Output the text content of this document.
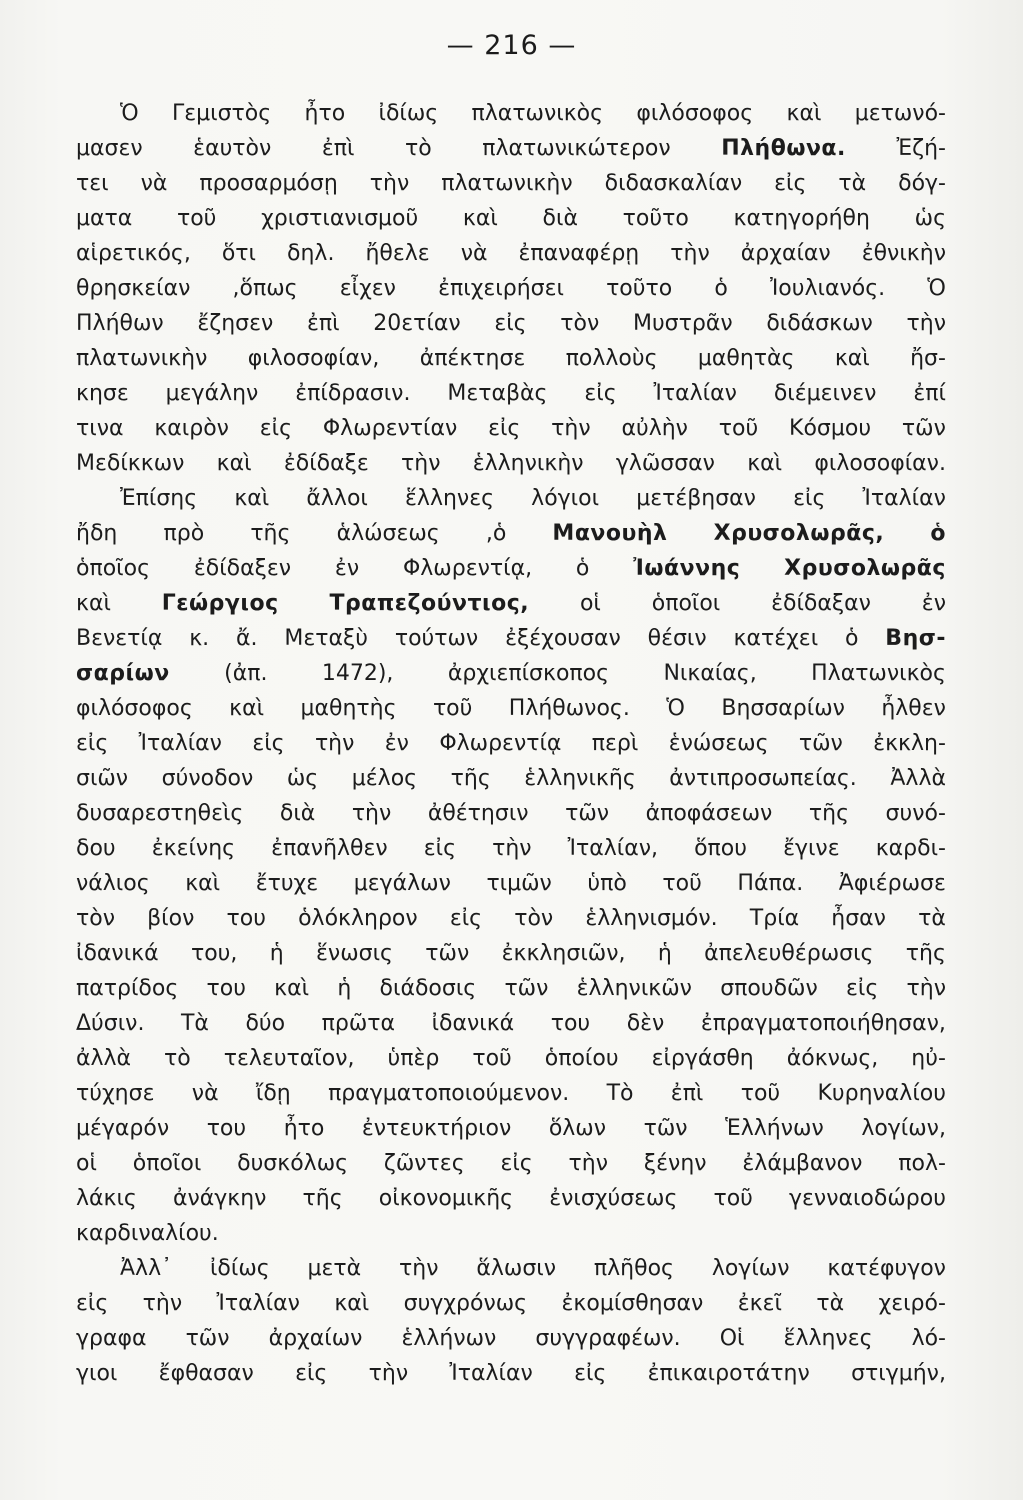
— 216 —
Ὁ Γεμιστὸς ἦτο ἰδίως πλατωνικὸς φιλόσοφος καὶ μετωνό-
μασεν ἑαυτὸν ἐπὶ τὸ πλατωνικώτερον Πλήθωνα. Ἐζή-
τει νὰ προσαρμόσῃ τὴν πλατωνικὴν διδασκαλίαν εἰς τὰ δόγ-
ματα τοῦ χριστιανισμοῦ καὶ διὰ τοῦτο κατηγορήθη ὡς
αἱρετικός, ὅτι δηλ. ἤθελε νὰ ἐπαναφέρῃ τὴν ἀρχαίαν ἐθνικὴν
θρησκείαν ,ὅπως εἶχεν ἐπιχειρήσει τοῦτο ὁ Ἰουλιανός. Ὁ
Πλήθων ἔζησεν ἐπὶ 20ετίαν εἰς τὸν Μυστρᾶν διδάσκων τὴν
πλατωνικὴν φιλοσοφίαν, ἀπέκτησε πολλοὺς μαθητὰς καὶ ἤσ-
κησε μεγάλην ἐπίδρασιν. Μεταβὰς εἰς Ἰταλίαν διέμεινεν ἐπί
τινα καιρὸν εἰς Φλωρεντίαν εἰς τὴν αὐλὴν τοῦ Κόσμου τῶν
Μεδίκκων καὶ ἐδίδαξε τὴν ἑλληνικὴν γλῶσσαν καὶ φιλοσοφίαν.
Ἐπίσης καὶ ἄλλοι ἕλληνες λόγιοι μετέβησαν εἰς Ἰταλίαν
ἤδη πρὸ τῆς ἁλώσεως ,ὁ Μανουὴλ Χρυσολωρᾶς, ὁ
ὁποῖος ἐδίδαξεν ἐν Φλωρεντίᾳ, ὁ Ἰωάννης Χρυσολωρᾶς
καὶ Γεώργιος Τραπεζούντιος, οἱ ὁποῖοι ἐδίδαξαν ἐν
Βενετίᾳ κ. ἄ. Μεταξὺ τούτων ἐξέχουσαν θέσιν κατέχει ὁ Βησ-
σαρίων (ἀπ. 1472), ἀρχιεπίσκοπος Νικαίας, Πλατωνικὸς
φιλόσοφος καὶ μαθητὴς τοῦ Πλήθωνος. Ὁ Βησσαρίων ἦλθεν
εἰς Ἰταλίαν εἰς τὴν ἐν Φλωρεντίᾳ περὶ ἑνώσεως τῶν ἐκκλη-
σιῶν σύνοδον ὡς μέλος τῆς ἑλληνικῆς ἀντιπροσωπείας. Ἀλλὰ
δυσαρεστηθεὶς διὰ τὴν ἀθέτησιν τῶν ἀποφάσεων τῆς συνό-
δου ἐκείνης ἐπανῆλθεν εἰς τὴν Ἰταλίαν, ὅπου ἔγινε καρδι-
νάλιος καὶ ἔτυχε μεγάλων τιμῶν ὑπὸ τοῦ Πάπα. Ἀφιέρωσε
τὸν βίον του ὁλόκληρον εἰς τὸν ἑλληνισμόν. Τρία ἦσαν τὰ
ἰδανικά του, ἡ ἕνωσις τῶν ἐκκλησιῶν, ἡ ἀπελευθέρωσις τῆς
πατρίδος του καὶ ἡ διάδοσις τῶν ἑλληνικῶν σπουδῶν εἰς τὴν
Δύσιν. Τὰ δύο πρῶτα ἰδανικά του δὲν ἐπραγματοποιήθησαν,
ἀλλὰ τὸ τελευταῖον, ὑπὲρ τοῦ ὁποίου εἰργάσθη ἀόκνως, ηὐ-
τύχησε νὰ ἴδῃ πραγματοποιούμενον. Τὸ ἐπὶ τοῦ Κυρηναλίου
μέγαρόν του ἦτο ἐντευκτήριον ὅλων τῶν Ἑλλήνων λογίων,
οἱ ὁποῖοι δυσκόλως ζῶντες εἰς τὴν ξένην ἐλάμβανον πολ-
λάκις ἀνάγκην τῆς οἰκονομικῆς ἐνισχύσεως τοῦ γενναιοδώρου
καρδιναλίου.
Ἀλλ᾽ ἰδίως μετὰ τὴν ἅλωσιν πλῆθος λογίων κατέφυγον
εἰς τὴν Ἰταλίαν καὶ συγχρόνως ἐκομίσθησαν ἐκεῖ τὰ χειρό-
γραφα τῶν ἀρχαίων ἑλλήνων συγγραφέων. Οἱ ἕλληνες λό-
γιοι ἔφθασαν εἰς τὴν Ἰταλίαν εἰς ἐπικαιροτάτην στιγμήν,
